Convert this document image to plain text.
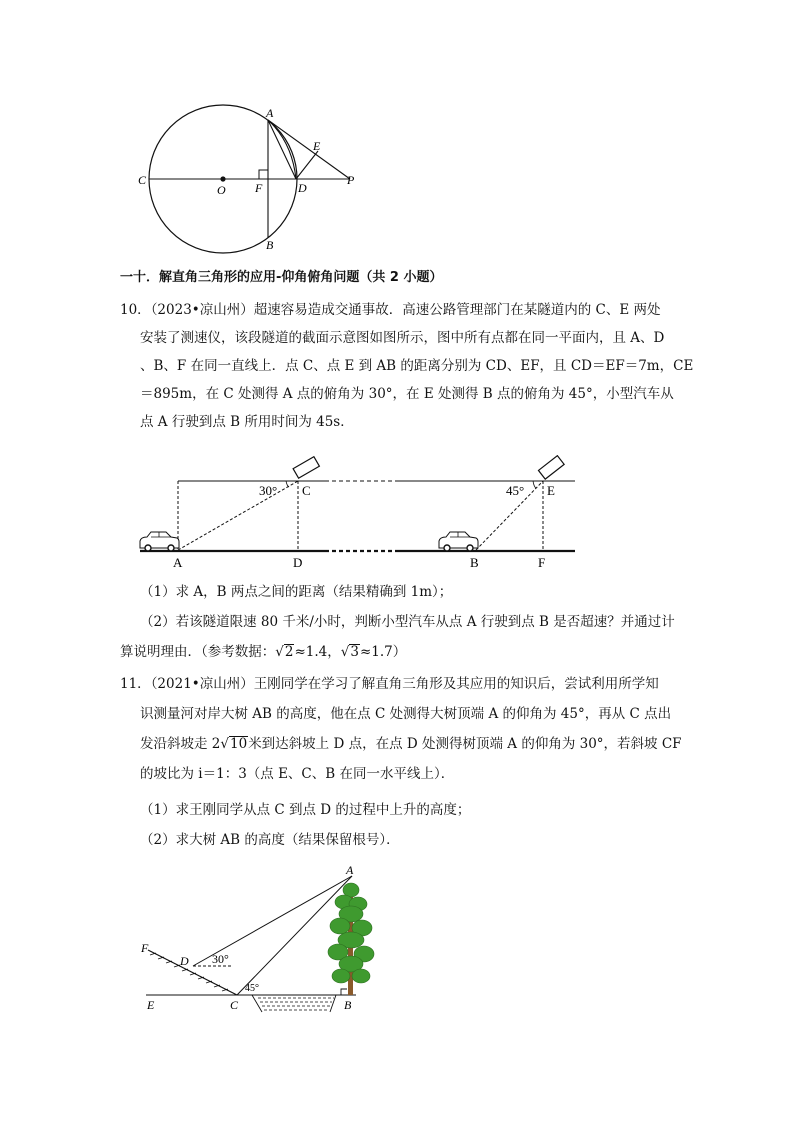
A
E
C
O F	D
P
B
一十．解直角三角形的应用-仰角俯角问题（共 2 小题）
10．（2023•凉山州）超速容易造成交通事故．高速公路管理部门在某隧道内的 C、E 两处
安装了测速仪，该段隧道的截面示意图如图所示，图中所有点都在同一平面内，且 A、D
、B、F 在同一直线上．点 C、点 E 到 AB 的距离分别为 CD、EF，且 CD＝EF＝7m，CE
＝895m，在 C 处测得 A 点的俯角为 30°，在 E 处测得 B 点的俯角为 45°，小型汽车从
点 A 行驶到点 B 所用时间为 45s．
30°	45°
C	E
A	D	B	F
（1）求 A，B 两点之间的距离（结果精确到 1m）；
（2）若该隧道限速 80 千米/小时，判断小型汽车从点 A 行驶到点 B 是否超速？并通过计
算说明理由．（参考数据：√2≈1.4，√3≈1.7）
11．（2021•凉山州）王刚同学在学习了解直角三角形及其应用的知识后，尝试利用所学知
识测量河对岸大树 AB 的高度，他在点 C 处测得大树顶端 A 的仰角为 45°，再从 C 点出
发沿斜坡走 2√10米到达斜坡上 D 点，在点 D 处测得树顶端 A 的仰角为 30°，若斜坡 CF
的坡比为 i＝1：3（点 E、C、B 在同一水平线上）．
（1）求王刚同学从点 C 到点 D 的过程中上升的高度；
（2）求大树 AB 的高度（结果保留根号）．
A
F
D 30°
45°
E	C	B
